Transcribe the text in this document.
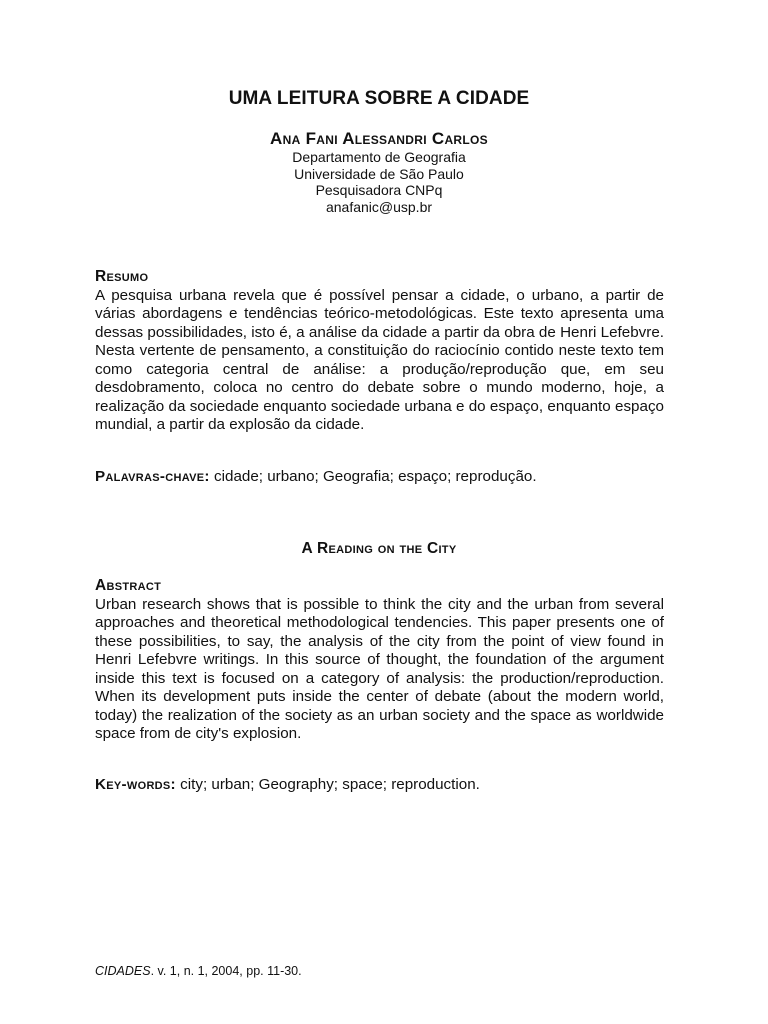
UMA LEITURA SOBRE A CIDADE
Ana Fani Alessandri Carlos
Departamento de Geografia
Universidade de São Paulo
Pesquisadora CNPq
anafanic@usp.br
Resumo

A pesquisa urbana revela que é possível pensar a cidade, o urbano, a partir de várias abordagens e tendências teórico-metodológicas. Este texto apresenta uma dessas possibilidades, isto é, a análise da cidade a partir da obra de Henri Lefebvre. Nesta vertente de pensamento, a constituição do raciocínio contido neste texto tem como categoria central de análise: a produção/reprodução que, em seu desdobramento, coloca no centro do debate sobre o mundo moderno, hoje, a realização da sociedade enquanto sociedade urbana e do espaço, enquanto espaço mundial, a partir da explosão da cidade.

Palavras-chave: cidade; urbano; Geografia; espaço; reprodução.
A Reading on the City
Abstract

Urban research shows that is possible to think the city and the urban from several approaches and theoretical methodological tendencies. This paper presents one of these possibilities, to say, the analysis of the city from the point of view found in Henri Lefebvre writings. In this source of thought, the foundation of the argument inside this text is focused on a category of analysis: the production/reproduction. When its development puts inside the center of debate (about the modern world, today) the realization of the society as an urban society and the space as worldwide space from de city's explosion.

Key-words: city; urban; Geography; space; reproduction.
CIDADES. v. 1, n. 1, 2004, pp. 11-30.
